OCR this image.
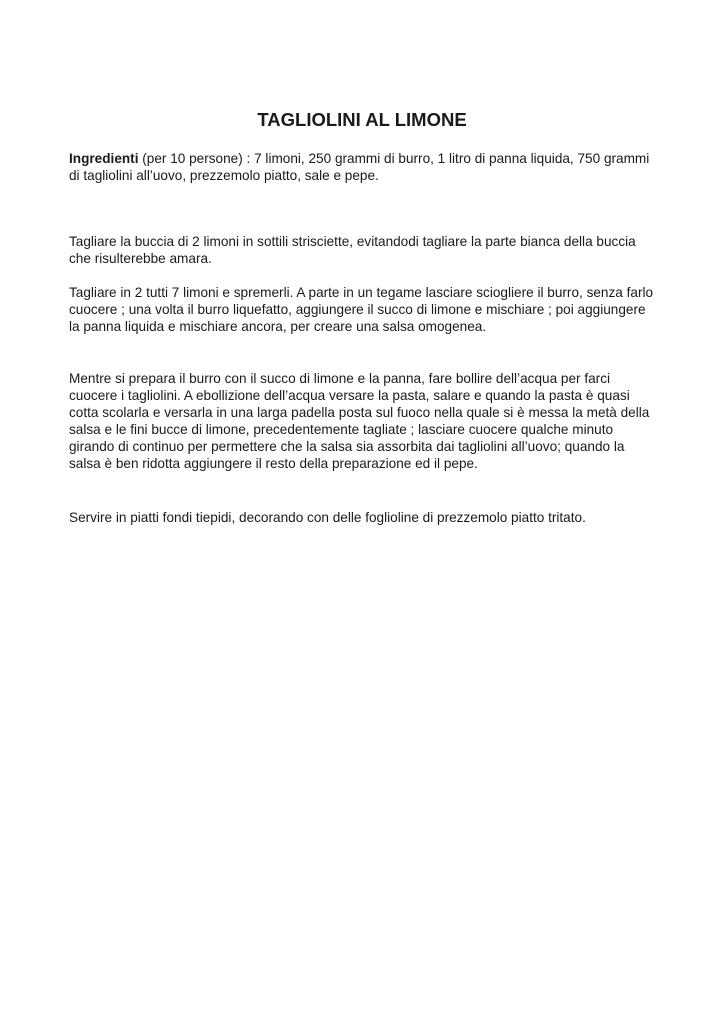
TAGLIOLINI AL LIMONE

Ingredienti (per 10 persone) : 7 limoni, 250 grammi di burro, 1 litro di panna liquida, 750 grammi di tagliolini all’uovo, prezzemolo piatto, sale e pepe.

Tagliare la buccia di 2 limoni in sottili strisciette, evitandodi tagliare la parte bianca della buccia che risulterebbe amara.

Tagliare in 2 tutti 7 limoni e spremerli. A parte in un tegame lasciare sciogliere il burro, senza farlo cuocere ; una volta il burro liquefatto, aggiungere il succo di limone e mischiare ; poi aggiungere la panna liquida e mischiare ancora, per creare una salsa omogenea.

Mentre si prepara il burro con il succo di limone e la panna, fare bollire dell’acqua per farci cuocere i tagliolini. A ebollizione dell’acqua versare la pasta, salare e quando la pasta è quasi cotta scolarla e versarla in una larga padella posta sul fuoco nella quale si è messa la metà della salsa e le fini bucce di limone, precedentemente tagliate ; lasciare cuocere qualche minuto girando di continuo per permettere che la salsa sia assorbita dai tagliolini all’uovo; quando la salsa è ben ridotta aggiungere il resto della preparazione ed il pepe.

Servire in piatti fondi tiepidi, decorando con delle foglioline di prezzemolo piatto tritato.
